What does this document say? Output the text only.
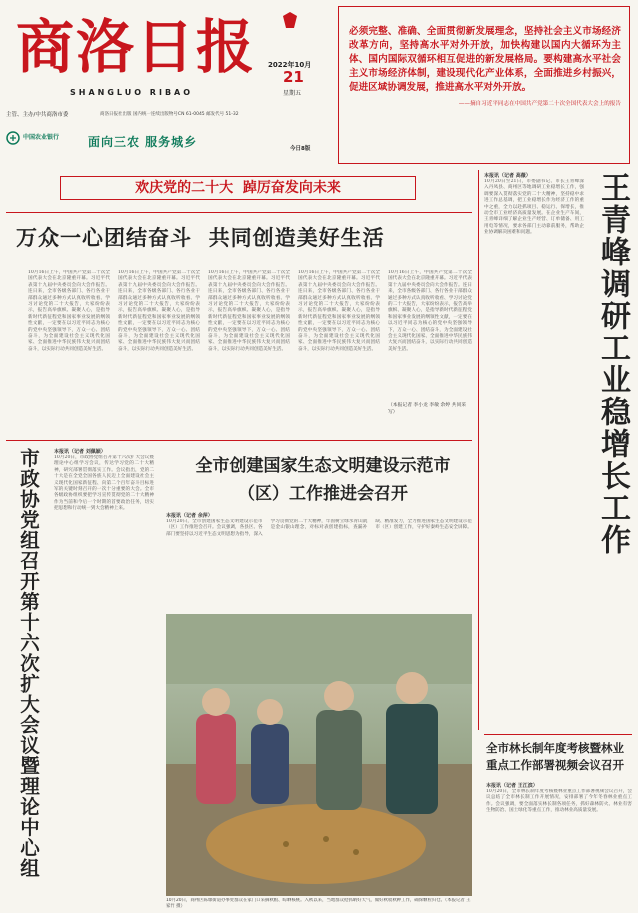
商洛日报
SHANGLUO RIBAO
2022年10月
21
星期五
今日8版
主管、主办/中共商洛市委	商洛日报社出版 国内统一连续出版物号CN 61-0045 邮发代号 51-32
中国农业银行 面向三农 服务城乡
必须完整、准确、全面贯彻新发展理念，坚持社会主义市场经济改革方向，坚持高水平对外开放，加快构建以国内大循环为主体、国内国际双循环相互促进的新发展格局。要构建高水平社会主义市场经济体制，建设现代化产业体系，全面推进乡村振兴，促进区域协调发展，推进高水平对外开放。
——摘自习近平同志在中国共产党第二十次全国代表大会上的报告
欢庆党的二十大  踔厉奋发向未来
万众一心团结奋斗  共同创造美好生活
10月16日上午，中国共产党第二十次全国代表大会在北京隆重开幕。习近平代表第十九届中央委员会向大会作报告。连日来，全市各级各部门、各行各业干部群众通过多种方式认真收听收看、学习讨论党的二十大报告，大家纷纷表示，报告高举旗帜、凝聚人心，是指导新时代新征程党和国家事业发展的纲领性文献，一定要在以习近平同志为核心的党中央坚强领导下，万众一心、团结奋斗，为全面建设社会主义现代化国家、全面推进中华民族伟大复兴而团结奋斗，以实际行动共同创造美好生活。
10月16日上午，中国共产党第二十次全国代表大会在北京隆重开幕。习近平代表第十九届中央委员会向大会作报告。连日来，全市各级各部门、各行各业干部群众通过多种方式认真收听收看、学习讨论党的二十大报告，大家纷纷表示，报告高举旗帜、凝聚人心，是指导新时代新征程党和国家事业发展的纲领性文献，一定要在以习近平同志为核心的党中央坚强领导下，万众一心、团结奋斗，为全面建设社会主义现代化国家、全面推进中华民族伟大复兴而团结奋斗，以实际行动共同创造美好生活。
10月16日上午，中国共产党第二十次全国代表大会在北京隆重开幕。习近平代表第十九届中央委员会向大会作报告。连日来，全市各级各部门、各行各业干部群众通过多种方式认真收听收看、学习讨论党的二十大报告，大家纷纷表示，报告高举旗帜、凝聚人心，是指导新时代新征程党和国家事业发展的纲领性文献，一定要在以习近平同志为核心的党中央坚强领导下，万众一心、团结奋斗，为全面建设社会主义现代化国家、全面推进中华民族伟大复兴而团结奋斗，以实际行动共同创造美好生活。
10月16日上午，中国共产党第二十次全国代表大会在北京隆重开幕。习近平代表第十九届中央委员会向大会作报告。连日来，全市各级各部门、各行各业干部群众通过多种方式认真收听收看、学习讨论党的二十大报告，大家纷纷表示，报告高举旗帜、凝聚人心，是指导新时代新征程党和国家事业发展的纲领性文献，一定要在以习近平同志为核心的党中央坚强领导下，万众一心、团结奋斗，为全面建设社会主义现代化国家、全面推进中华民族伟大复兴而团结奋斗，以实际行动共同创造美好生活。
10月16日上午，中国共产党第二十次全国代表大会在北京隆重开幕。习近平代表第十九届中央委员会向大会作报告。连日来，全市各级各部门、各行各业干部群众通过多种方式认真收听收看、学习讨论党的二十大报告，大家纷纷表示，报告高举旗帜、凝聚人心，是指导新时代新征程党和国家事业发展的纲领性文献，一定要在以习近平同志为核心的党中央坚强领导下，万众一心、团结奋斗，为全面建设社会主义现代化国家、全面推进中华民族伟大复兴而团结奋斗，以实际行动共同创造美好生活。
（本报记者 李小龙 李敏 余婷 共同采写）
本报讯（记者 高薇）
10月20日至21日，市委副书记、市长王青峰深入丹凤县、商州区等地调研工业稳增长工作，强调要深入贯彻落实党的二十大精神，坚持稳中求进工作总基调，把工业稳增长作为经济工作的重中之重，全力以赴抓项目、稳运行、保增长，推动全市工业经济高质量发展。在企业生产车间，王青峰详细了解企业生产经营、订单储备、用工用电等情况，要求各部门主动靠前服务，帮助企业协调解决困难和问题。	王青峰调研工业稳增长工作
市政协党组召开第十六次扩大会议暨理论中心组
本报讯（记者 刘佩颖）
10月20日，市政协党组召开第十六次扩大会议暨理论中心组学习会议，传达学习党的二十大精神，研究部署贯彻落实工作。会议指出，党的二十大是在全党全国各族人民迈上全面建设社会主义现代化国家新征程、向第二个百年奋斗目标进军的关键时刻召开的一次十分重要的大会。全市各级政协组织要把学习宣传贯彻党的二十大精神作为当前和今后一个时期的首要政治任务，切实把思想和行动统一到大会精神上来。
全市创建国家生态文明建设示范市（区）工作推进会召开
本报讯（记者 余萍）
10月20日，全市创建国家生态文明建设示范市（区）工作推进会召开。会议强调，各县区、各部门要坚持以习近平生态文明思想为指导，深入学习贯彻党的二十大精神，牢固树立绿水青山就是金山银山理念，对标对表创建指标，查漏补缺、精准发力，全力推进国家生态文明建设示范市（区）创建工作，守护好秦岭生态安全屏障。
10月20日，商州区陈塬街道办事处群众在家门口采摘秋粮、晾晒核桃。入秋以来，当地群众抢抓晴好天气，做好秋收秋种工作，确保颗粒归仓。（本报记者 王家竹 摄）
全市林长制年度考核暨林业重点工作部署视频会议召开
本报讯（记者 王江滨）
10月20日，全市林长制年度考核暨林业重点工作部署视频会议召开，会议总结了全市林长制工作开展情况，安排部署了今年冬春林业重点工作。会议强调，要全面落实林长制各项任务，抓好森林防火、林业有害生物防治、国土绿化等重点工作，推动林业高质量发展。
